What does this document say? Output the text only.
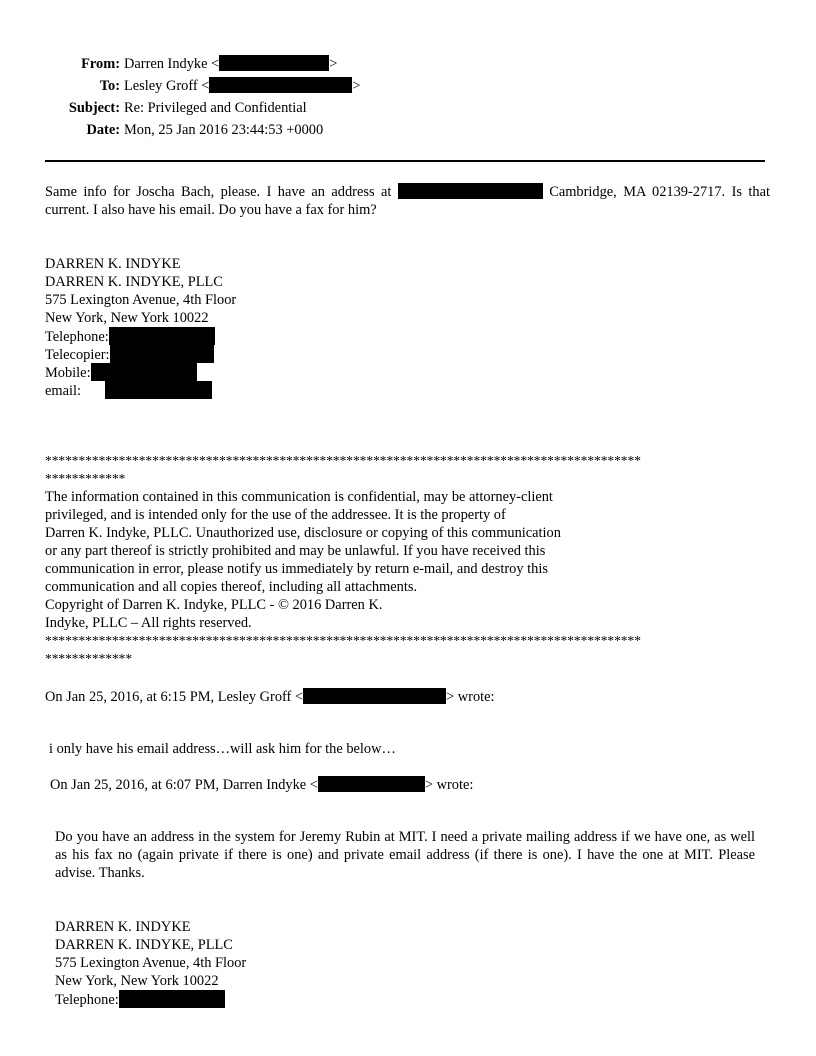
From: Darren Indyke <	>
To: Lesley Groff <	>
Subject: Re: Privileged and Confidential
Date: Mon, 25 Jan 2016 23:44:53 +0000
Same info for Joscha Bach, please. I have an address at	Cambridge, MA 02139-2717. Is that current. I also have his email. Do you have a fax for him?
DARREN K. INDYKE
DARREN K. INDYKE, PLLC
575 Lexington Avenue, 4th Floor
New York, New York 10022
Telephone:
Telecopier:
Mobile:
email:
*****************************************************************************************
************
The information contained in this communication is confidential, may be attorney-client
privileged, and is intended only for the use of the addressee. It is the property of
Darren K. Indyke, PLLC. Unauthorized use, disclosure or copying of this communication
or any part thereof is strictly prohibited and may be unlawful. If you have received this
communication in error, please notify us immediately by return e-mail, and destroy this
communication and all copies thereof, including all attachments.
Copyright of Darren K. Indyke, PLLC - © 2016 Darren K.
Indyke, PLLC – All rights reserved.
*****************************************************************************************
*************
On Jan 25, 2016, at 6:15 PM, Lesley Groff <	> wrote:
i only have his email address…will ask him for the below…
On Jan 25, 2016, at 6:07 PM, Darren Indyke <	> wrote:
Do you have an address in the system for Jeremy Rubin at MIT. I need a private mailing address if we have one, as well as his fax no (again private if there is one) and private email address (if there is one). I have the one at MIT. Please advise. Thanks.
DARREN K. INDYKE
DARREN K. INDYKE, PLLC
575 Lexington Avenue, 4th Floor
New York, New York 10022
Telephone:
